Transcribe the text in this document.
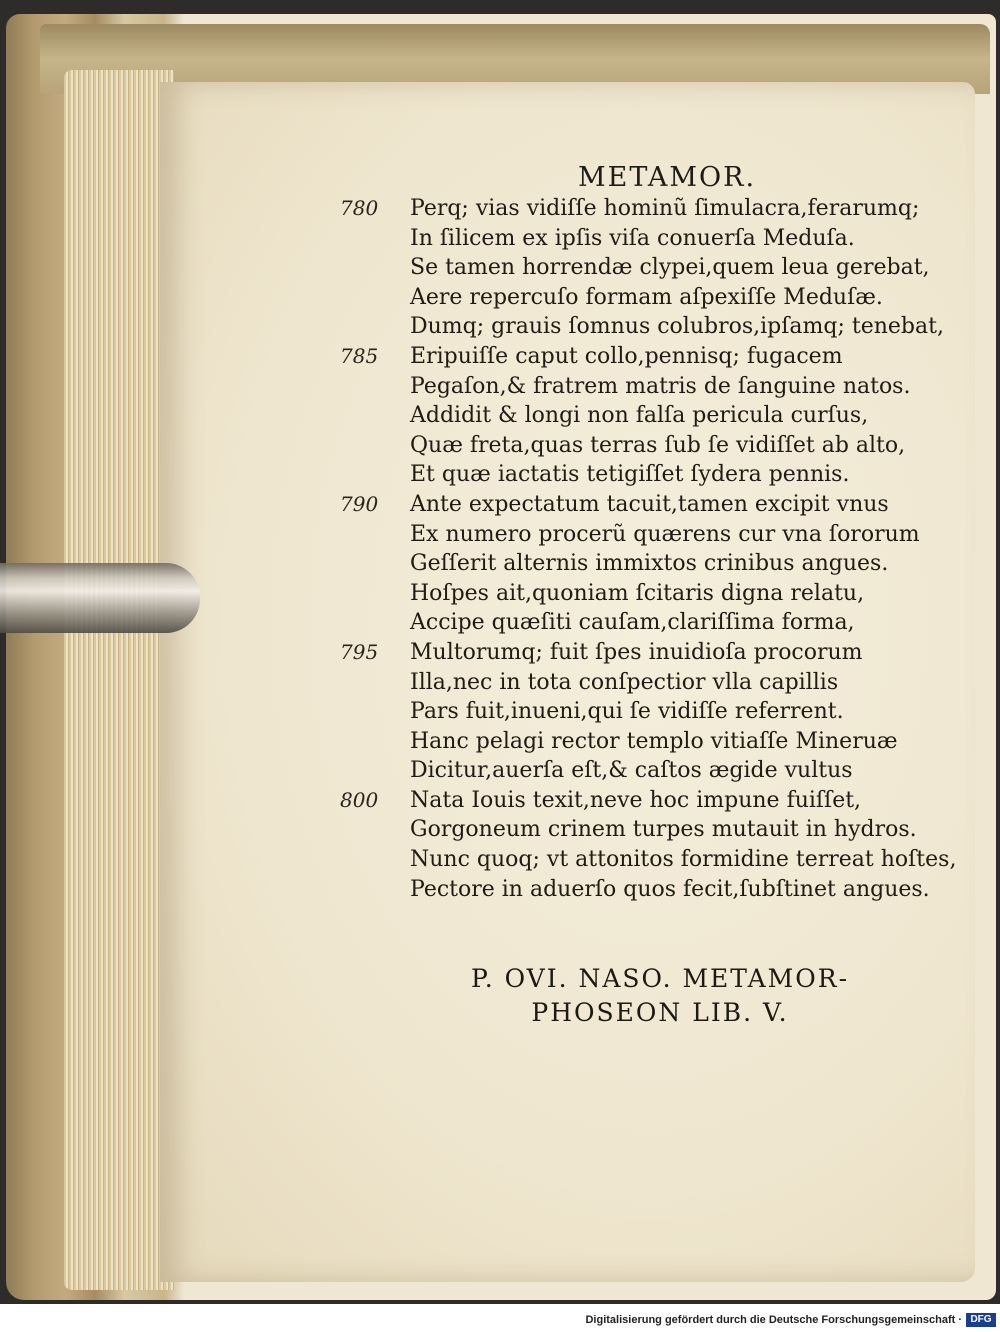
METAMOR.
780	Perq; vias vidiſſe hominũ ſimulacra,ferarumq;
In ſilicem ex ipſis viſa conuerſa Meduſa.
Se tamen horrendæ clypei,quem leua gerebat,
Aere repercuſo formam aſpexiſſe Meduſæ.
Dumq; grauis ſomnus colubros,ipſamq; tenebat,
785	Eripuiſſe caput collo,pennisq; fugacem
Pegaſon,& fratrem matris de ſanguine natos.
Addidit & longi non falſa pericula curſus,
Quæ freta,quas terras ſub ſe vidiſſet ab alto,
Et quæ iactatis tetigiſſet ſydera pennis.
790	Ante expectatum tacuit,tamen excipit vnus
Ex numero procerũ quærens cur vna ſororum
Geſſerit alternis immixtos crinibus angues.
Hoſpes ait,quoniam ſcitaris digna relatu,
Accipe quæſiti cauſam,clariſſima forma,
795	Multorumq; fuit ſpes inuidioſa procorum
Illa,nec in tota conſpectior vlla capillis
Pars fuit,inueni,qui ſe vidiſſe referrent.
Hanc pelagi rector templo vitiaſſe Mineruæ
Dicitur,auerſa eſt,& caſtos ægide vultus
800	Nata Iouis texit,neve hoc impune fuiſſet,
Gorgoneum crinem turpes mutauit in hydros.
Nunc quoq; vt attonitos formidine terreat hoſtes,
Pectore in aduerſo quos fecit,ſubſtinet angues.
P. OVI. NASO. METAMOR-
PHOSEON LIB. V.
Digitalisierung gefördert durch die Deutsche Forschungsgemeinschaft · DFG
